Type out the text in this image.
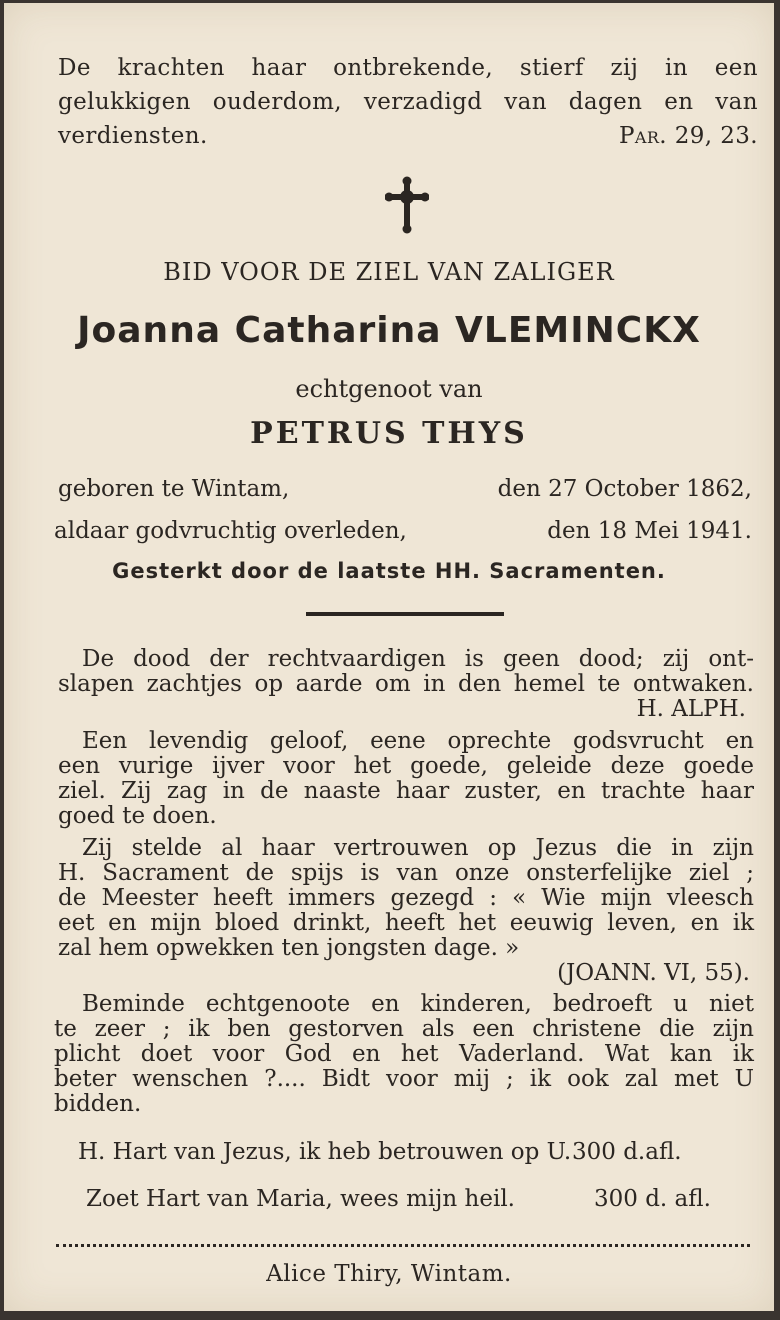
De krachten haar ontbrekende, stierf zij in een
gelukkigen ouderdom, verzadigd van dagen en van
verdiensten.	Par. 29, 23.
BID VOOR DE ZIEL VAN ZALIGER
Joanna Catharina VLEMINCKX
echtgenoot van
PETRUS THYS
geboren te Wintam,	den 27 October 1862,
aldaar godvruchtig overleden,	den 18 Mei 1941.
Gesterkt door de laatste HH. Sacramenten.
De dood der rechtvaardigen is geen dood; zij ont-
slapen zachtjes op aarde om in den hemel te ontwaken.
H. ALPH.
Een levendig geloof, eene oprechte godsvrucht en
een vurige ijver voor het goede, geleide deze goede
ziel. Zij zag in de naaste haar zuster, en trachte haar
goed te doen.
Zij stelde al haar vertrouwen op Jezus die in zijn
H. Sacrament de spijs is van onze onsterfelijke ziel ;
de Meester heeft immers gezegd : « Wie mijn vleesch
eet en mijn bloed drinkt, heeft het eeuwig leven, en ik
zal hem opwekken ten jongsten dage. »
(JOANN. VI, 55).
Beminde echtgenoote en kinderen, bedroeft u niet
te zeer ; ik ben gestorven als een christene die zijn
plicht doet voor God en het Vaderland. Wat kan ik
beter wenschen ?.... Bidt voor mij ; ik ook zal met U
bidden.
H. Hart van Jezus, ik heb betrouwen op U. 300 d.afl.
Zoet Hart van Maria, wees mijn heil.	300 d. afl.
Alice Thiry, Wintam.
